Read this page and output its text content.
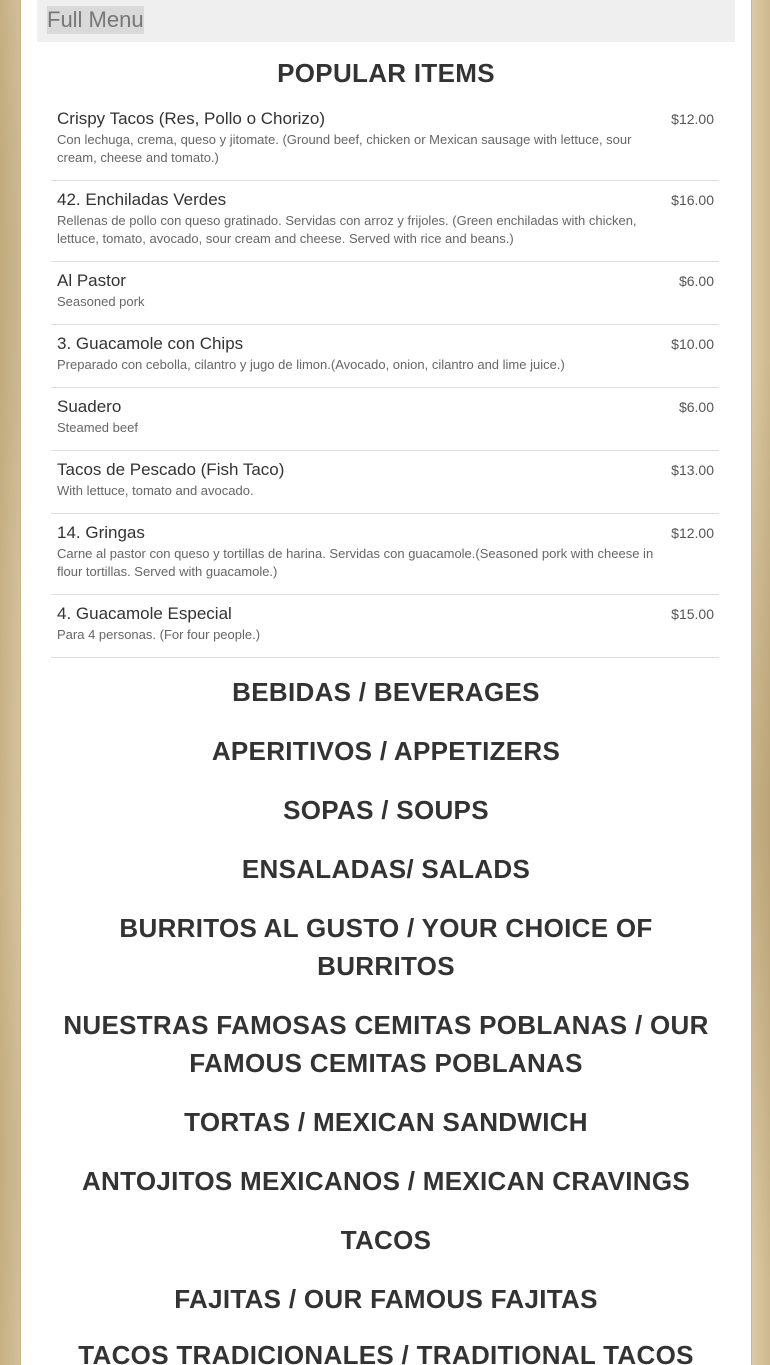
Full Menu
POPULAR ITEMS
Crispy Tacos (Res, Pollo o Chorizo)
Con lechuga, crema, queso y jitomate. (Ground beef, chicken or Mexican sausage with lettuce, sour cream, cheese and tomato.)
$12.00
42. Enchiladas Verdes
Rellenas de pollo con queso gratinado. Servidas con arroz y frijoles. (Green enchiladas with chicken, lettuce, tomato, avocado, sour cream and cheese. Served with rice and beans.)
$16.00
Al Pastor
Seasoned pork
$6.00
3. Guacamole con Chips
Preparado con cebolla, cilantro y jugo de limon.(Avocado, onion, cilantro and lime juice.)
$10.00
Suadero
Steamed beef
$6.00
Tacos de Pescado (Fish Taco)
With lettuce, tomato and avocado.
$13.00
14. Gringas
Carne al pastor con queso y tortillas de harina. Servidas con guacamole.(Seasoned pork with cheese in flour tortillas. Served with guacamole.)
$12.00
4. Guacamole Especial
Para 4 personas. (For four people.)
$15.00
BEBIDAS / BEVERAGES
APERITIVOS / APPETIZERS
SOPAS / SOUPS
ENSALADAS/ SALADS
BURRITOS AL GUSTO / YOUR CHOICE OF BURRITOS
NUESTRAS FAMOSAS CEMITAS POBLANAS / OUR FAMOUS CEMITAS POBLANAS
TORTAS / MEXICAN SANDWICH
ANTOJITOS MEXICANOS / MEXICAN CRAVINGS
TACOS
FAJITAS / OUR FAMOUS FAJITAS
TACOS TRADICIONALES / TRADITIONAL TACOS
